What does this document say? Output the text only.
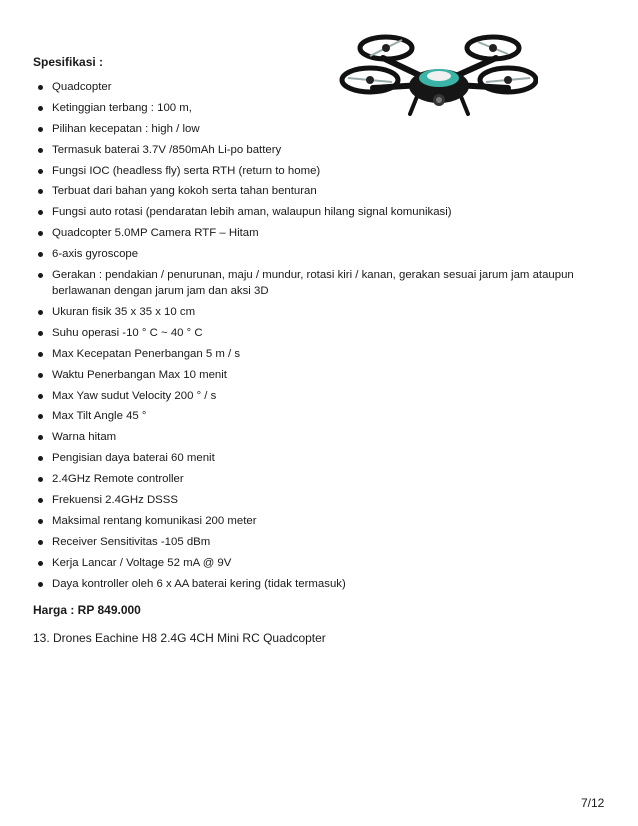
Spesifikasi :

Quadcopter
Ketinggian terbang : 100 m,
Pilihan kecepatan : high / low
Termasuk baterai 3.7V /850mAh Li-po battery
Fungsi IOC (headless fly) serta RTH (return to home)
Terbuat dari bahan yang kokoh serta tahan benturan
Fungsi auto rotasi (pendaratan lebih aman, walaupun hilang signal komunikasi)
Quadcopter 5.0MP Camera RTF – Hitam
6-axis gyroscope
Gerakan : pendakian / penurunan, maju / mundur, rotasi kiri / kanan, gerakan sesuai jarum jam ataupun berlawanan dengan jarum jam dan aksi 3D
Ukuran fisik 35 x 35 x 10 cm
Suhu operasi -10 ° C ~ 40 ° C
Max Kecepatan Penerbangan 5 m / s
Waktu Penerbangan Max 10 menit
Max Yaw sudut Velocity 200 ° / s
Max Tilt Angle 45 °
Warna hitam
Pengisian daya baterai 60 menit
2.4GHz Remote controller
Frekuensi 2.4GHz DSSS
Maksimal rentang komunikasi 200 meter
Receiver Sensitivitas -105 dBm
Kerja Lancar / Voltage 52 mA @ 9V
Daya kontroller oleh 6 x AA baterai kering (tidak termasuk)

Harga : RP 849.000

13. Drones Eachine H8 2.4G 4CH Mini RC Quadcopter

7/12
